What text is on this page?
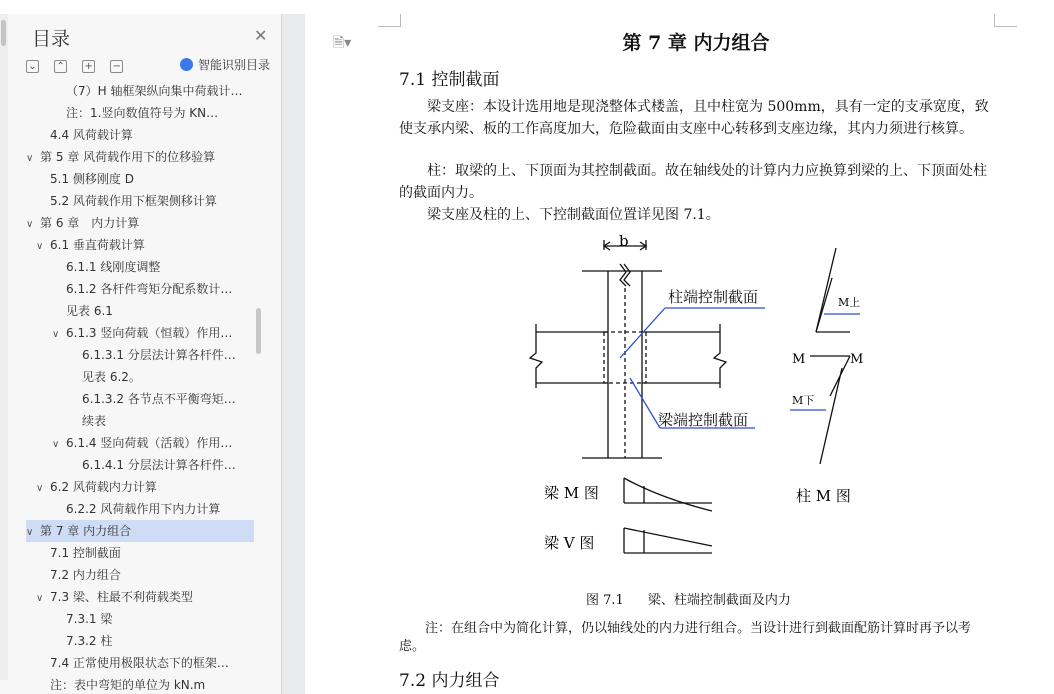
目录	✕
⌄ ⌃ + −	智能识别目录
（7）H 轴框架纵向集中荷载计…
注：1.竖向数值符号为 KN…
4.4 风荷载计算
∨ 第 5 章 风荷载作用下的位移验算
5.1 侧移刚度 D
5.2 风荷载作用下框架侧移计算
∨ 第 6 章　内力计算
∨ 6.1 垂直荷载计算
6.1.1 线刚度调整
6.1.2 各杆件弯矩分配系数计…
见表 6.1
∨ 6.1.3 竖向荷载（恒载）作用…
6.1.3.1 分层法计算各杆件…
见表 6.2。
6.1.3.2 各节点不平衡弯矩…
续表
∨ 6.1.4 竖向荷载（活载）作用…
6.1.4.1 分层法计算各杆件…
∨ 6.2 风荷载内力计算
6.2.2 风荷载作用下内力计算
∨ 第 7 章 内力组合
7.1 控制截面
7.2 内力组合
∨ 7.3 梁、柱最不利荷载类型
7.3.1 梁
7.3.2 柱
7.4 正常使用极限状态下的框架…
注：表中弯矩的单位为 kN.m
🗎▾	第 7 章 内力组合
7.1 控制截面
梁支座：本设计选用地是现浇整体式楼盖，且中柱宽为 500mm，具有一定的支承宽度，致使支承内梁、板的工作高度加大，危险截面由支座中心转移到支座边缘，其内力须进行核算。
柱：取梁的上、下顶面为其控制截面。故在轴线处的计算内力应换算到梁的上、下顶面处柱的截面内力。
梁支座及柱的上、下控制截面位置详见图 7.1。
b
柱端控制截面
梁端控制截面
梁 M 图
梁 V 图
柱 M 图
M	M
M上
M下
图 7.1 梁、柱端控制截面及内力
注：在组合中为简化计算，仍以轴线处的内力进行组合。当设计进行到截面配筋计算时再予以考虑。
7.2 内力组合
